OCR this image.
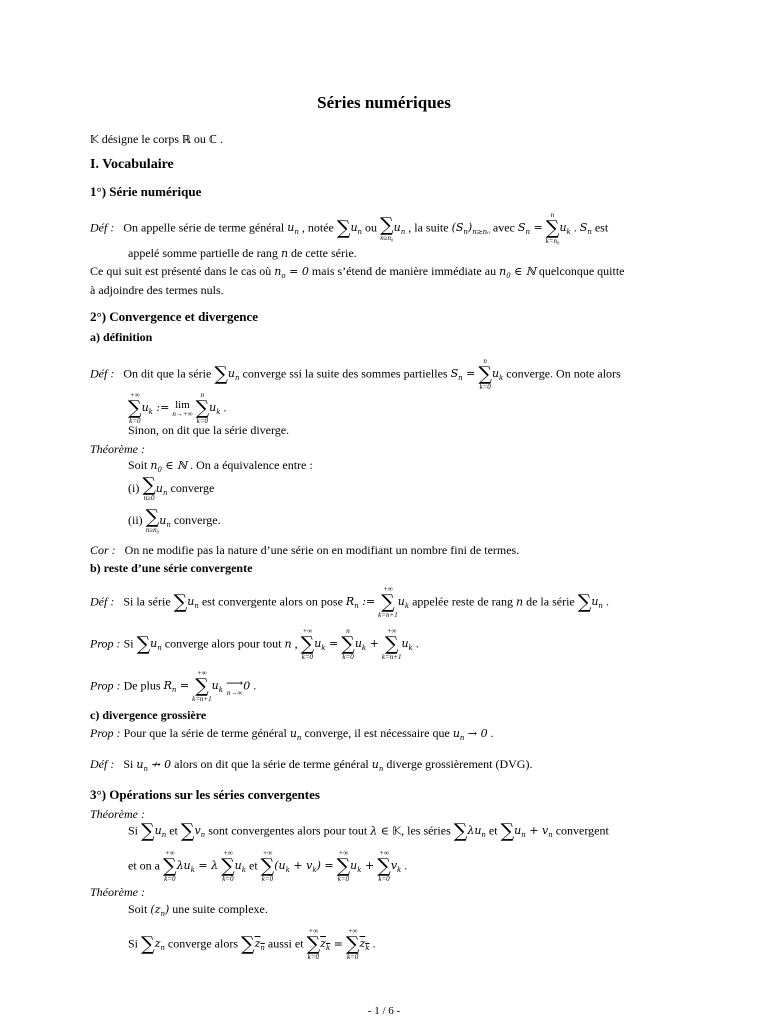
Séries numériques
𝕂 désigne le corps ℝ ou ℂ .
I. Vocabulaire
1°) Série numérique
Déf : On appelle série de terme général $u_n$ , notée $\sum u_n$ ou ∑
n≥n₀
$u_n$ , la suite $(S_n)_{n\ge n_0}$ avec $S_n$ =
n
∑
k=n₀
$u_k$ . $S_n$ est
appelé somme partielle de rang n de cette série.
Ce qui suit est présenté dans le cas où $n_o = 0$ mais s’étend de manière immédiate au $n_0$ ∈ ℕ quelconque quitte
à adjoindre des termes nuls.
2°) Convergence et divergence
a) définition
Déf : On dit que la série $\sum u_n$ converge ssi la suite des sommes partielles $S_n$ =
n
∑
k=0
$u_k$ converge. On note alors
+∞
∑
k=0
$u_k$ := lim
n→+∞

n
∑
k=0
$u_k$ .
Sinon, on dit que la série diverge.
Théorème :
Soit $n_0$ ∈ ℕ . On a équivalence entre :
(i) ∑
n≥0
$u_n$ converge
(ii) ∑
n≥n₀
$u_n$ converge.
Cor : On ne modifie pas la nature d’une série on en modifiant un nombre fini de termes.
b) reste d’une série convergente
Déf : Si la série $\sum u_n$ est convergente alors on pose $R_n$ :=
+∞
∑
k=n+1
$u_k$ appelée reste de rang n de la série $\sum u_n$ .
Prop : Si $\sum u_n$ converge alors pour tout n ,
+∞
∑
k=0
$u_k$ =
n
∑
k=0
$u_k$ +
+∞
∑
k=n+1
$u_k$ .
Prop : De plus $R_n$ =
+∞
∑
k=n+1
$u_k$ ⟶
n→∞
0 .
c) divergence grossière
Prop : Pour que la série de terme général $u_n$ converge, il est nécessaire que $u_n \to 0$ .
Déf : Si $u_n$ ↛ 0 alors on dit que la série de terme général $u_n$ diverge grossièrement (DVG).
3°) Opérations sur les séries convergentes
Théorème :
Si $\sum u_n$ et $\sum v_n$ sont convergentes alors pour tout λ ∈ 𝕂, les séries $\sum\lambda u_n$ et $\sum u_n + v_n$ convergent
et on a
+∞
∑
k=0
$\lambda u_k = \lambda$
+∞
∑
k=0
$u_k$ et
+∞
∑
k=0
$(u_k + v_k)$ =
+∞
∑
k=0
$u_k$ +
+∞
∑
k=0
$v_k$ .
Théorème :
Soit $(z_n)$ une suite complexe.
Si $\sum z_n$ converge alors $\sum z_n$ aussi et
+∞
∑
k=0
$z_k$ =
+∞
∑
k=0
$z_k$ .
- 1 / 6 -
